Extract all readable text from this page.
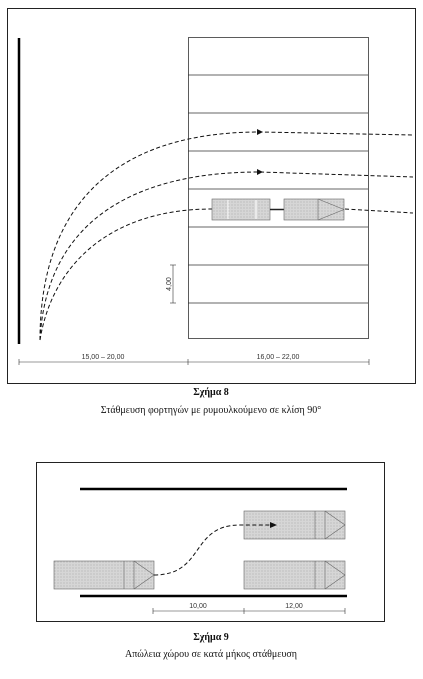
4,00
15,00 – 20,00	16,00 – 22,00
Σχήμα 8
Στάθμευση φορτηγών με ρυμουλκούμενο σε κλίση 90°
10,00	12,00
Σχήμα 9
Απώλεια χώρου σε κατά μήκος στάθμευση
